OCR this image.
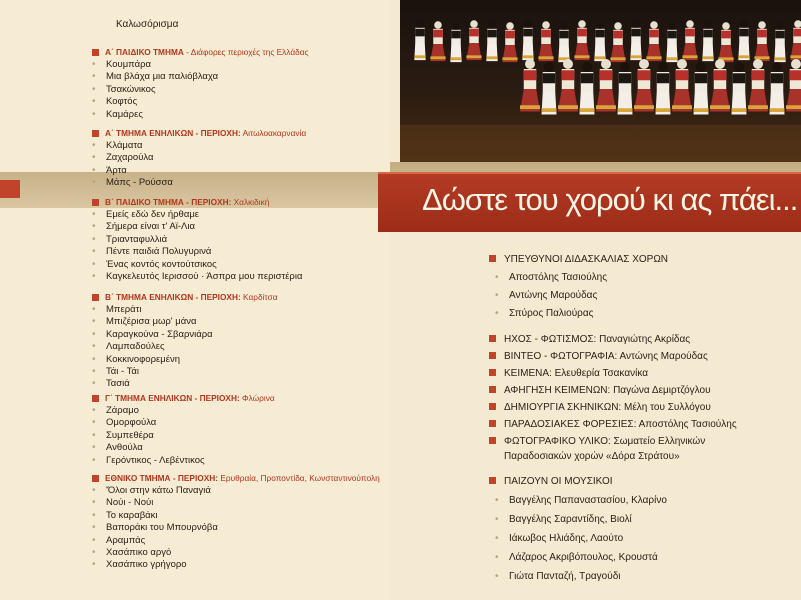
Καλωσόρισμα
Α΄ ΠΑΙΔΙΚΟ ΤΜΗΜΑ - Διάφορες περιοχές της Ελλάδας
• Κουμπάρα
• Μια βλάχα μια παλιόβλαχα
• Τσακώνικος
• Κοφτός
• Καμάρες
Α΄ ΤΜΗΜΑ ΕΝΗΛΙΚΩΝ - ΠΕΡΙΟΧΗ: Αιτωλοακαρνανία
• Κλάματα
• Ζαχαρούλα
• Άρτα
• Μάπς - Ρούσσα
Β΄ ΠΑΙΔΙΚΟ ΤΜΗΜΑ - ΠΕΡΙΟΧΗ: Χαλκιδική
• Εμείς εδώ δεν ήρθαμε
• Σήμερα είναι τ' Αϊ-Λια
• Τριανταφυλλιά
• Πέντε παιδιά Πολυγυρινά
• Ένας κοντός κοντούτσικος
• Καγκελευτός Ιερισσού · Άσπρα μου περιστέρια
Β΄ ΤΜΗΜΑ ΕΝΗΛΙΚΩΝ - ΠΕΡΙΟΧΗ: Καρδίτσα
• Μπεράτι
• Μπιζέρισα μωρ' μάνα
• Καραγκούνα - Σβαρνιάρα
• Λαμπαδούλες
• Κοκκινοφορεμένη
• Τάι - Τάι
• Τασιά
Γ΄ ΤΜΗΜΑ ΕΝΗΛΙΚΩΝ - ΠΕΡΙΟΧΗ: Φλώρινα
• Ζάραμο
• Ομορφούλα
• Συμπεθέρα
• Ανθούλα
• Γερόντικος - Λεβέντικος
ΕΘΝΙΚΟ ΤΜΗΜΑ - ΠΕΡΙΟΧΗ: Ερυθραία, Προποντίδα, Κωνσταντινούπολη
• 'Όλοι στην κάτω Παναγιά
• Νούι - Νούι
• Το καραβάκι
• Βαποράκι του Μπουρνόβα
• Αραμπάς
• Χασάπικο αργό
• Χασάπικο γρήγορο
Δώστε του χορού κι ας πάει...
ΥΠΕΥΘΥΝΟΙ ΔΙΔΑΣΚΑΛΙΑΣ ΧΟΡΩΝ
• Αποστόλης Τασιούλης
• Αντώνης Μαρούδας
• Σπύρος Παλιούρας
ΗΧΟΣ - ΦΩΤΙΣΜΟΣ: Παναγιώτης Ακρίδας
ΒΙΝΤΕΟ - ΦΩΤΟΓΡΑΦΙΑ: Αντώνης Μαρούδας
ΚΕΙΜΕΝΑ: Ελευθερία Τσακανίκα
ΑΦΗΓΗΣΗ ΚΕΙΜΕΝΩΝ: Παγώνα Δεμιρτζόγλου
ΔΗΜΙΟΥΡΓΙΑ ΣΚΗΝΙΚΩΝ: Μέλη του Συλλόγου
ΠΑΡΑΔΟΣΙΑΚΕΣ ΦΟΡΕΣΙΕΣ: Αποστόλης Τασιούλης
ΦΩΤΟΓΡΑΦΙΚΟ ΥΛΙΚΟ: Σωματείο Ελληνικών
Παραδοσιακών χορών «Δόρα Στράτου»
ΠΑΙΖΟΥΝ ΟΙ ΜΟΥΣΙΚΟΙ
• Βαγγέλης Παπαναστασίου, Κλαρίνο
• Βαγγέλης Σαραντίδης, Βιολί
• Ιάκωβος Ηλιάδης, Λαούτο
• Λάζαρος Ακριβόπουλος, Κρουστά
• Γιώτα Πανταζή, Τραγούδι
